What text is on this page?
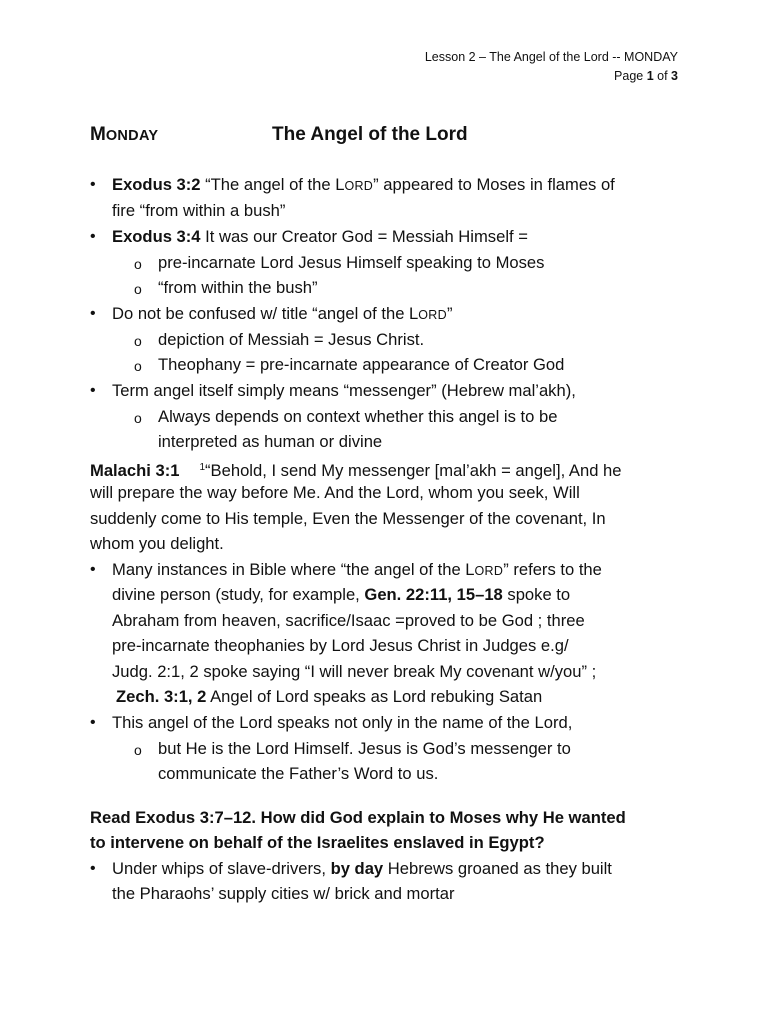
Lesson 2 – The Angel of the Lord -- MONDAY
Page 1 of 3
MONDAY	The Angel of the Lord
• Exodus 3:2 “The angel of the LORD” appeared to Moses in flames of
fire “from within a bush”
• Exodus 3:4 It was our Creator God = Messiah Himself =
o pre-incarnate Lord Jesus Himself speaking to Moses
o “from within the bush”
• Do not be confused w/ title “angel of the LORD”
o depiction of Messiah = Jesus Christ.
o Theophany = pre-incarnate appearance of Creator God
• Term angel itself simply means “messenger” (Hebrew mal’akh),
o Always depends on context whether this angel is to be
interpreted as human or divine
Malachi 3:1 $^1$“Behold, I send My messenger [mal’akh = angel], And he
will prepare the way before Me. And the Lord, whom you seek, Will
suddenly come to His temple, Even the Messenger of the covenant, In
whom you delight.
• Many instances in Bible where “the angel of the LORD” refers to the
divine person (study, for example, Gen. 22:11, 15–18 spoke to
Abraham from heaven, sacrifice/Isaac =proved to be God ; three
pre-incarnate theophanies by Lord Jesus Christ in Judges e.g/
Judg. 2:1, 2 spoke saying “I will never break My covenant w/you” ;
Zech. 3:1, 2 Angel of Lord speaks as Lord rebuking Satan
• This angel of the Lord speaks not only in the name of the Lord,
o but He is the Lord Himself. Jesus is God’s messenger to
communicate the Father’s Word to us.
Read Exodus 3:7–12. How did God explain to Moses why He wanted
to intervene on behalf of the Israelites enslaved in Egypt?
• Under whips of slave-drivers, by day Hebrews groaned as they built
the Pharaohs’ supply cities w/ brick and mortar
